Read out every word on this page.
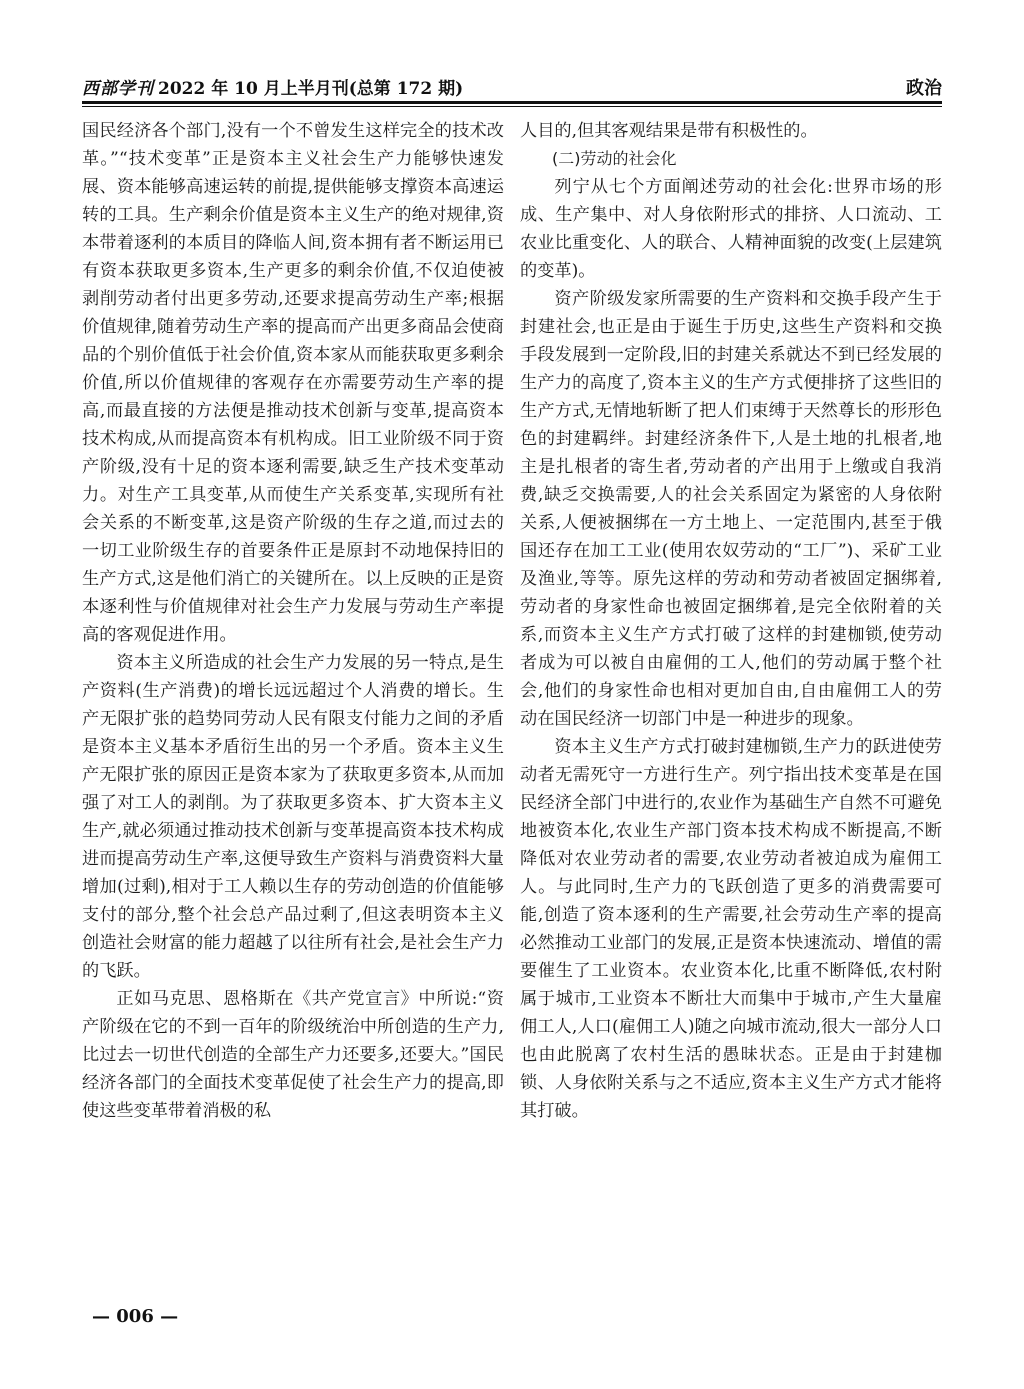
西部学刊 2022 年 10 月上半月刊(总第 172 期)	政治

国民经济各个部门,没有一个不曾发生这样完全的技术改革。”“技术变革”正是资本主义社会生产力能够快速发展、资本能够高速运转的前提,提供能够支撑资本高速运转的工具。生产剩余价值是资本主义生产的绝对规律,资本带着逐利的本质目的降临人间,资本拥有者不断运用已有资本获取更多资本,生产更多的剩余价值,不仅迫使被剥削劳动者付出更多劳动,还要求提高劳动生产率;根据价值规律,随着劳动生产率的提高而产出更多商品会使商品的个别价值低于社会价值,资本家从而能获取更多剩余价值,所以价值规律的客观存在亦需要劳动生产率的提高,而最直接的方法便是推动技术创新与变革,提高资本技术构成,从而提高资本有机构成。旧工业阶级不同于资产阶级,没有十足的资本逐利需要,缺乏生产技术变革动力。对生产工具变革,从而使生产关系变革,实现所有社会关系的不断变革,这是资产阶级的生存之道,而过去的一切工业阶级生存的首要条件正是原封不动地保持旧的生产方式,这是他们消亡的关键所在。以上反映的正是资本逐利性与价值规律对社会生产力发展与劳动生产率提高的客观促进作用。

资本主义所造成的社会生产力发展的另一特点,是生产资料(生产消费)的增长远远超过个人消费的增长。生产无限扩张的趋势同劳动人民有限支付能力之间的矛盾是资本主义基本矛盾衍生出的另一个矛盾。资本主义生产无限扩张的原因正是资本家为了获取更多资本,从而加强了对工人的剥削。为了获取更多资本、扩大资本主义生产,就必须通过推动技术创新与变革提高资本技术构成进而提高劳动生产率,这便导致生产资料与消费资料大量增加(过剩),相对于工人赖以生存的劳动创造的价值能够支付的部分,整个社会总产品过剩了,但这表明资本主义创造社会财富的能力超越了以往所有社会,是社会生产力的飞跃。

正如马克思、恩格斯在《共产党宣言》中所说:“资产阶级在它的不到一百年的阶级统治中所创造的生产力,比过去一切世代创造的全部生产力还要多,还要大。”国民经济各部门的全面技术变革促使了社会生产力的提高,即使这些变革带着消极的私

人目的,但其客观结果是带有积极性的。

(二)劳动的社会化

列宁从七个方面阐述劳动的社会化:世界市场的形成、生产集中、对人身依附形式的排挤、人口流动、工农业比重变化、人的联合、人精神面貌的改变(上层建筑的变革)。

资产阶级发家所需要的生产资料和交换手段产生于封建社会,也正是由于诞生于历史,这些生产资料和交换手段发展到一定阶段,旧的封建关系就达不到已经发展的生产力的高度了,资本主义的生产方式便排挤了这些旧的生产方式,无情地斩断了把人们束缚于天然尊长的形形色色的封建羁绊。封建经济条件下,人是土地的扎根者,地主是扎根者的寄生者,劳动者的产出用于上缴或自我消费,缺乏交换需要,人的社会关系固定为紧密的人身依附关系,人便被捆绑在一方土地上、一定范围内,甚至于俄国还存在加工工业(使用农奴劳动的“工厂”)、采矿工业及渔业,等等。原先这样的劳动和劳动者被固定捆绑着,劳动者的身家性命也被固定捆绑着,是完全依附着的关系,而资本主义生产方式打破了这样的封建枷锁,使劳动者成为可以被自由雇佣的工人,他们的劳动属于整个社会,他们的身家性命也相对更加自由,自由雇佣工人的劳动在国民经济一切部门中是一种进步的现象。

资本主义生产方式打破封建枷锁,生产力的跃进使劳动者无需死守一方进行生产。列宁指出技术变革是在国民经济全部门中进行的,农业作为基础生产自然不可避免地被资本化,农业生产部门资本技术构成不断提高,不断降低对农业劳动者的需要,农业劳动者被迫成为雇佣工人。与此同时,生产力的飞跃创造了更多的消费需要可能,创造了资本逐利的生产需要,社会劳动生产率的提高必然推动工业部门的发展,正是资本快速流动、增值的需要催生了工业资本。农业资本化,比重不断降低,农村附属于城市,工业资本不断壮大而集中于城市,产生大量雇佣工人,人口(雇佣工人)随之向城市流动,很大一部分人口也由此脱离了农村生活的愚昧状态。正是由于封建枷锁、人身依附关系与之不适应,资本主义生产方式才能将其打破。

— 006 —
